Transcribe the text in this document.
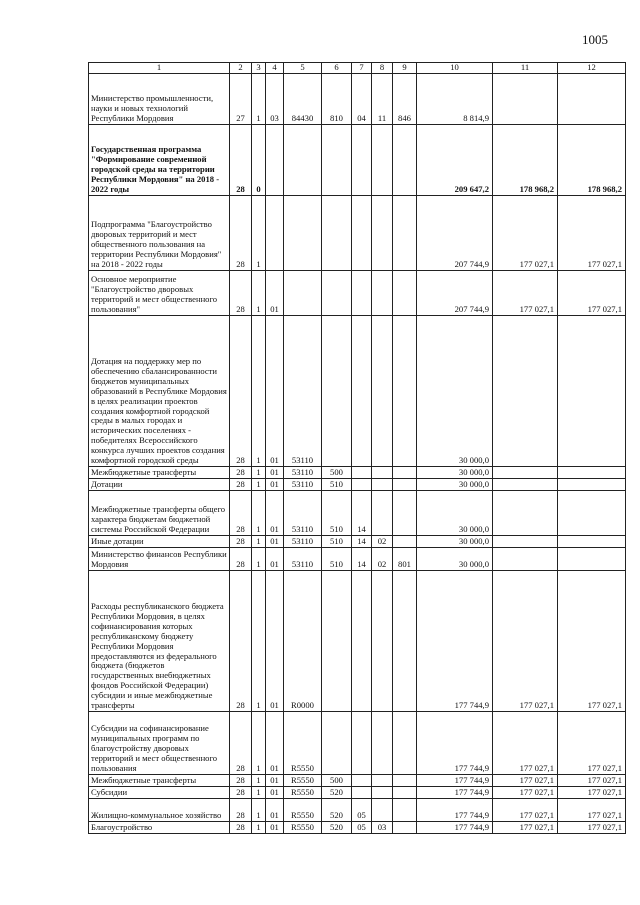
1005
1	2	3	4	5	6	7	8	9	10	11	12
Министерство промышленности, науки и новых технологий Республики Мордовия	27	1	03	84430	810	04	11	846	8 814,9		
Государственная программа "Формирование современной городской среды на территории Республики Мордовия" на 2018 - 2022 годы	28	0							209 647,2	178 968,2	178 968,2
Подпрограмма "Благоустройство дворовых территорий и мест общественного пользования на территории Республики Мордовия" на 2018 - 2022 годы	28	1							207 744,9	177 027,1	177 027,1
Основное мероприятие "Благоустройство дворовых территорий и мест общественного пользования"	28	1	01						207 744,9	177 027,1	177 027,1
Дотация на поддержку мер по обеспечению сбалансированности бюджетов муниципальных образований в Республике Мордовия в целях реализации проектов создания комфортной городской среды в малых городах и исторических поселениях - победителях Всероссийского конкурса лучших проектов создания комфортной городской среды	28	1	01	53110					30 000,0		
Межбюджетные трансферты	28	1	01	53110	500				30 000,0		
Дотации	28	1	01	53110	510				30 000,0		
Межбюджетные трансферты общего характера бюджетам бюджетной системы Российской Федерации	28	1	01	53110	510	14			30 000,0		
Иные дотации	28	1	01	53110	510	14	02		30 000,0		
Министерство финансов Республики Мордовия	28	1	01	53110	510	14	02	801	30 000,0		
Расходы республиканского бюджета Республики Мордовия, в целях софинансирования которых республиканскому бюджету Республики Мордовия предоставляются из федерального бюджета (бюджетов государственных внебюджетных фондов Российской Федерации) субсидии и иные межбюджетные трансферты	28	1	01	R0000					177 744,9	177 027,1	177 027,1
Субсидии на софинансирование муниципальных программ по благоустройству дворовых территорий и мест общественного пользования	28	1	01	R5550					177 744,9	177 027,1	177 027,1
Межбюджетные трансферты	28	1	01	R5550	500				177 744,9	177 027,1	177 027,1
Субсидии	28	1	01	R5550	520				177 744,9	177 027,1	177 027,1
Жилищно-коммунальное хозяйство	28	1	01	R5550	520	05			177 744,9	177 027,1	177 027,1
Благоустройство	28	1	01	R5550	520	05	03		177 744,9	177 027,1	177 027,1
